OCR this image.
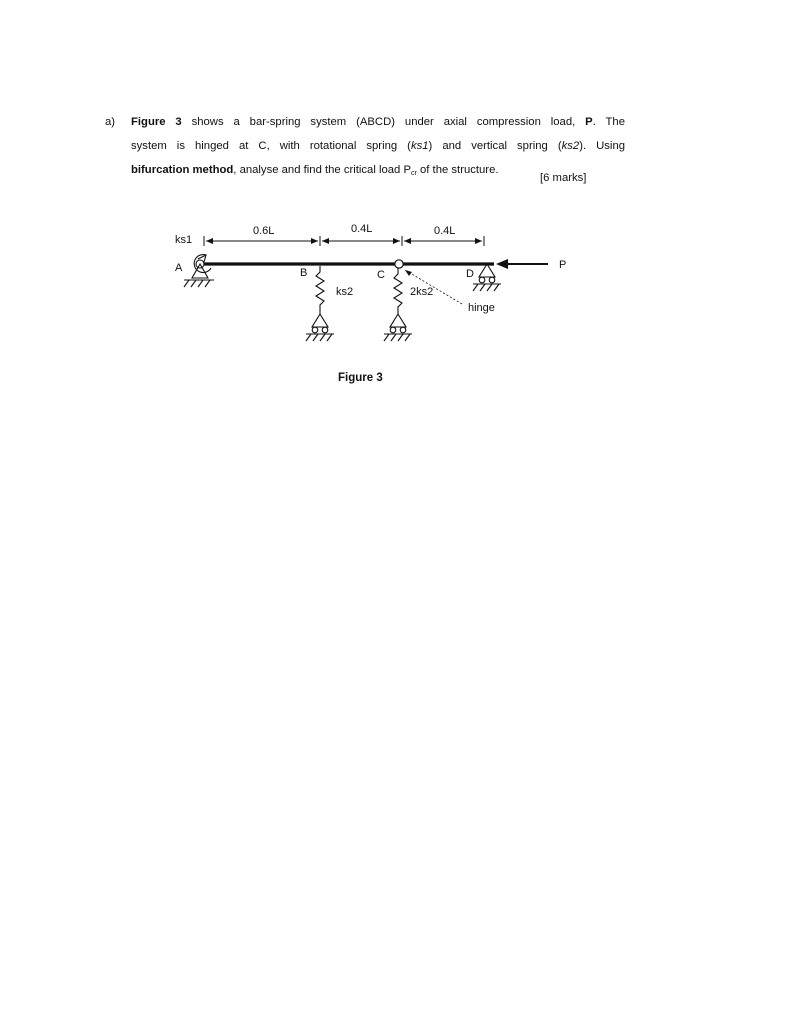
a) Figure 3 shows a bar-spring system (ABCD) under axial compression load, P. The
system is hinged at C, with rotational spring (ks1) and vertical spring (ks2). Using
bifurcation method, analyse and find the critical load $P_{cr}$ of the structure.
[6 marks]
0.6L	0.4L	0.4L
ks1
A	B
ks2
C
2ks2
hinge
D
P
Figure 3
